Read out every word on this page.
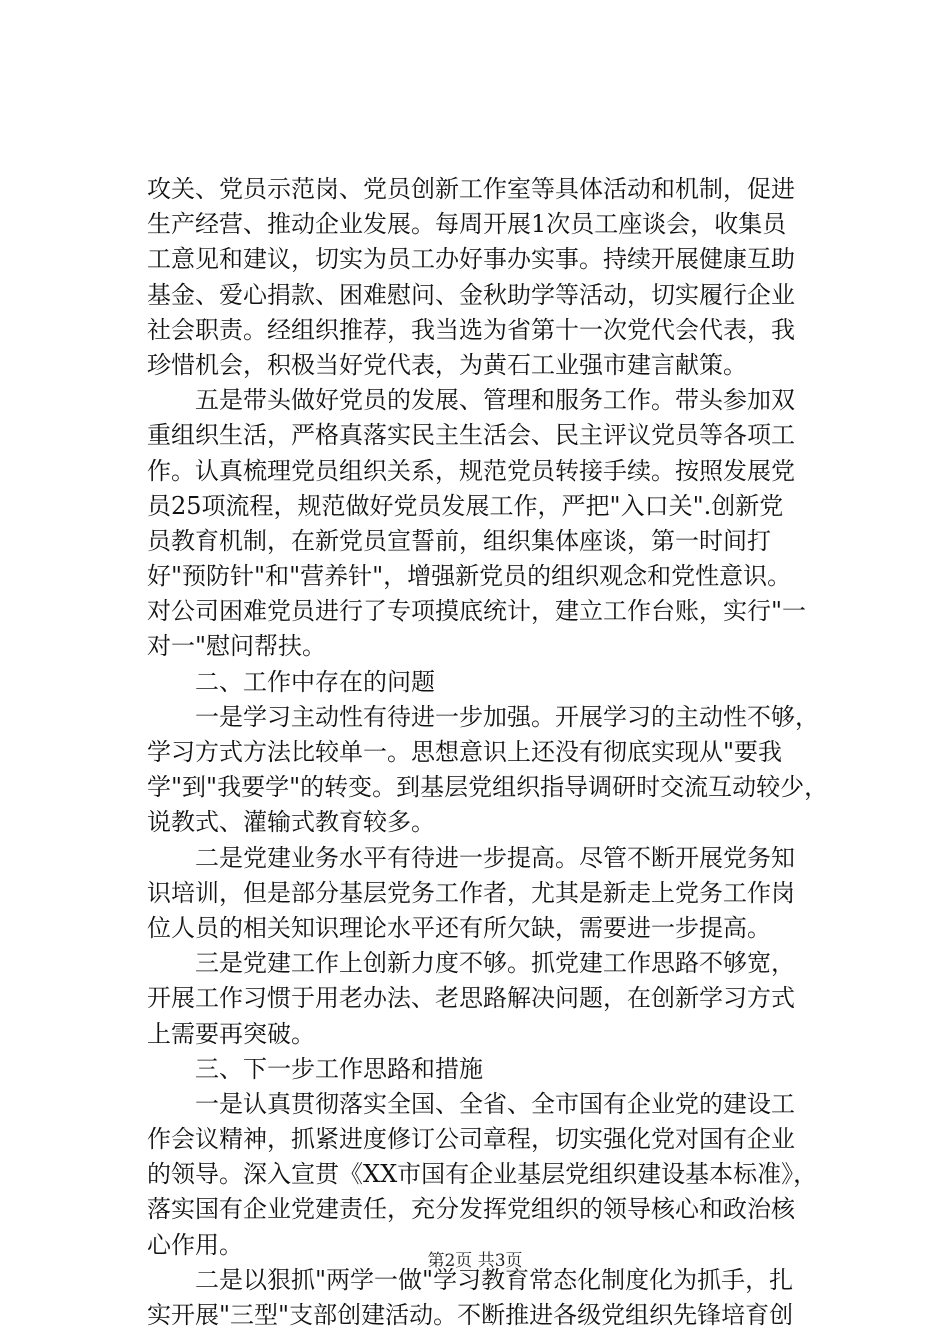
攻关、党员示范岗、党员创新工作室等具体活动和机制，促进
生产经营、推动企业发展。每周开展1次员工座谈会，收集员
工意见和建议，切实为员工办好事办实事。持续开展健康互助
基金、爱心捐款、困难慰问、金秋助学等活动，切实履行企业
社会职责。经组织推荐，我当选为省第十一次党代会代表，我
珍惜机会，积极当好党代表，为黄石工业强市建言献策。
　　五是带头做好党员的发展、管理和服务工作。带头参加双
重组织生活，严格真落实民主生活会、民主评议党员等各项工
作。认真梳理党员组织关系，规范党员转接手续。按照发展党
员25项流程，规范做好党员发展工作，严把"入口关".创新党
员教育机制，在新党员宣誓前，组织集体座谈，第一时间打
好"预防针"和"营养针"，增强新党员的组织观念和党性意识。
对公司困难党员进行了专项摸底统计，建立工作台账，实行"一
对一"慰问帮扶。
　　二、工作中存在的问题
　　一是学习主动性有待进一步加强。开展学习的主动性不够，
学习方式方法比较单一。思想意识上还没有彻底实现从"要我
学"到"我要学"的转变。到基层党组织指导调研时交流互动较少，
说教式、灌输式教育较多。
　　二是党建业务水平有待进一步提高。尽管不断开展党务知
识培训，但是部分基层党务工作者，尤其是新走上党务工作岗
位人员的相关知识理论水平还有所欠缺，需要进一步提高。
　　三是党建工作上创新力度不够。抓党建工作思路不够宽，
开展工作习惯于用老办法、老思路解决问题，在创新学习方式
上需要再突破。
　　三、下一步工作思路和措施
　　一是认真贯彻落实全国、全省、全市国有企业党的建设工
作会议精神，抓紧进度修订公司章程，切实强化党对国有企业
的领导。深入宣贯《XX市国有企业基层党组织建设基本标准》，
落实国有企业党建责任，充分发挥党组织的领导核心和政治核
心作用。
　　二是以狠抓"两学一做"学习教育常态化制度化为抓手，扎
实开展"三型"支部创建活动。不断推进各级党组织先锋培育创
第2页 共3页
